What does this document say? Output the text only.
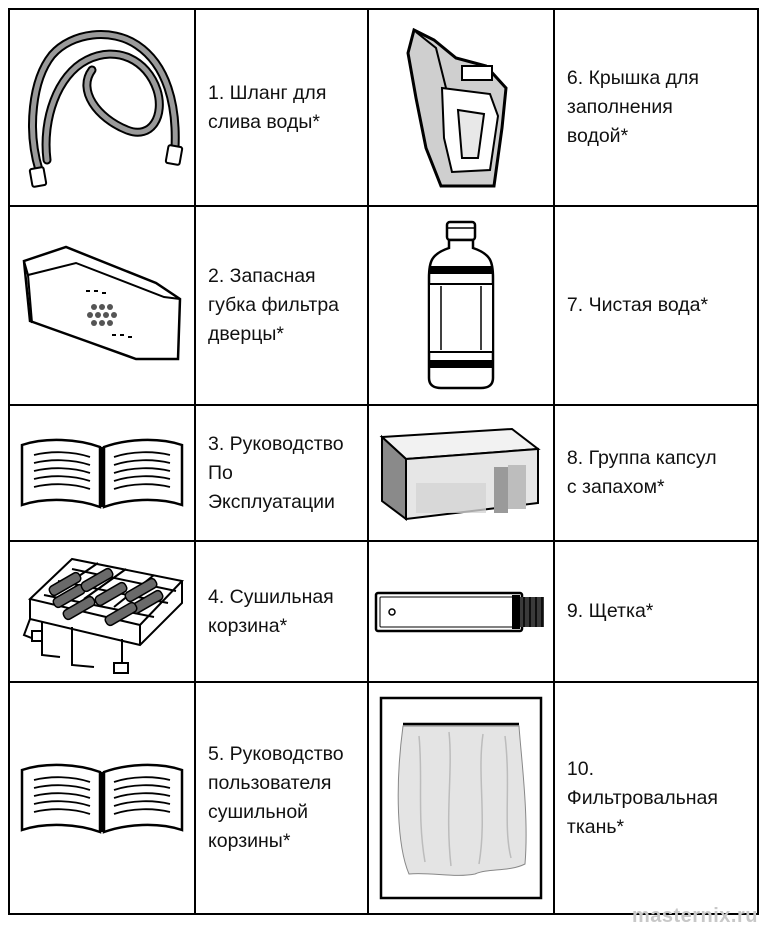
1. Шланг для
слива воды*		6. Крышка для
заполнения
водой*

2. Запасная
губка фильтра
дверцы*		7. Чистая вода*

3. Руководство
По
Эксплуатации		8. Группа капсул
с запахом*

4. Сушильная
корзина*		9. Щетка*

5. Руководство
пользователя
сушильной
корзины*		10.
Фильтровальная
ткань*
masternix.ru
